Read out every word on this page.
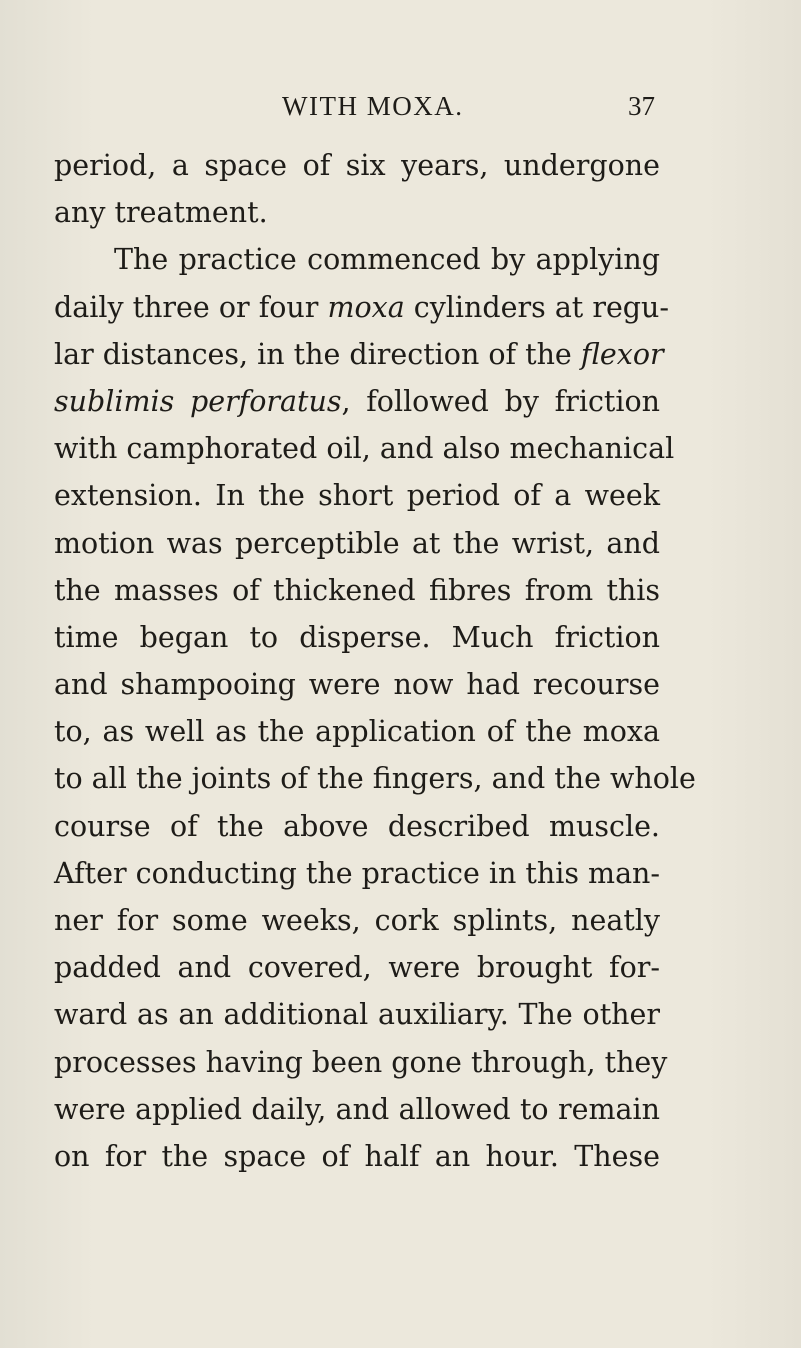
WITH MOXA.	37
period, a space of six years, undergone
any treatment.
The practice commenced by applying
daily three or four moxa cylinders at regu-
lar distances, in the direction of the flexor
sublimis perforatus, followed by friction
with camphorated oil, and also mechanical
extension. In the short period of a week
motion was perceptible at the wrist, and
the masses of thickened fibres from this
time began to disperse. Much friction
and shampooing were now had recourse
to, as well as the application of the moxa
to all the joints of the fingers, and the whole
course of the above described muscle.
After conducting the practice in this man-
ner for some weeks, cork splints, neatly
padded and covered, were brought for-
ward as an additional auxiliary. The other
processes having been gone through, they
were applied daily, and allowed to remain
on for the space of half an hour. These
